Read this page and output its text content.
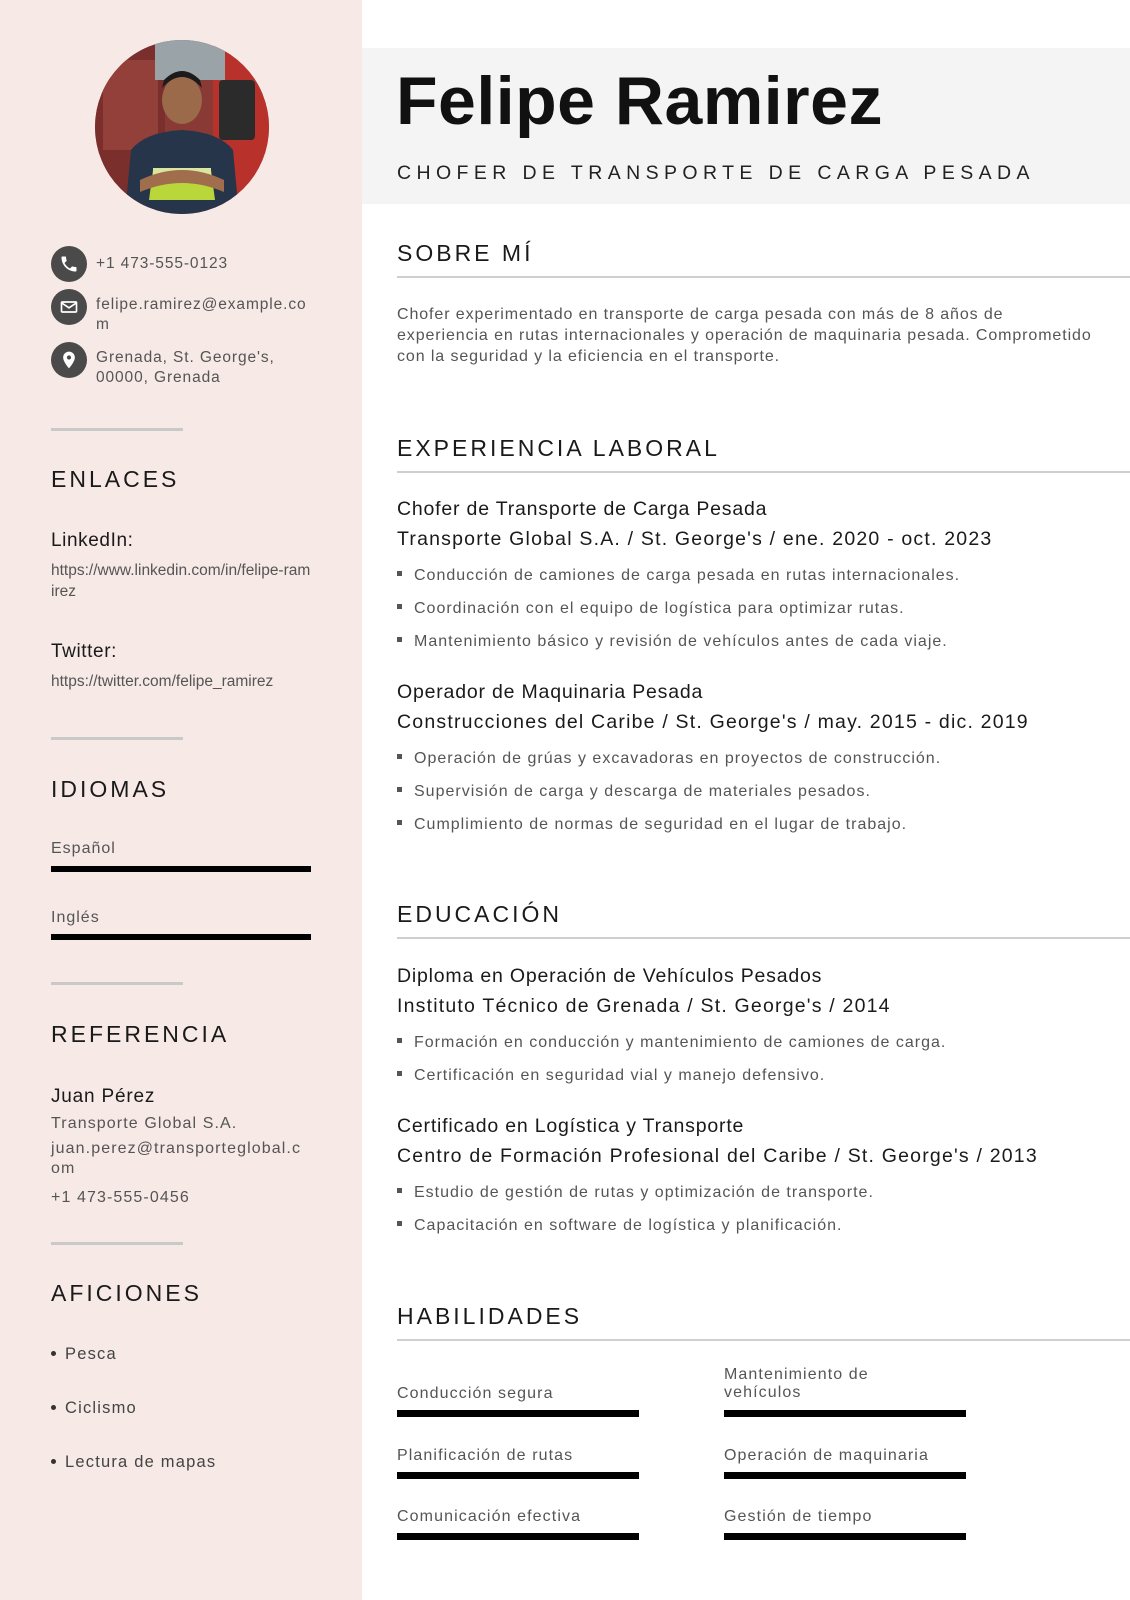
+1 473-555-0123
felipe.ramirez@example.com
Grenada, St. George's, 00000, Grenada
ENLACES
LinkedIn:
https://www.linkedin.com/in/felipe-ramirez
Twitter:
https://twitter.com/felipe_ramirez
IDIOMAS
Español
Inglés
REFERENCIA
Juan Pérez
Transporte Global S.A.
juan.perez@transporteglobal.com
+1 473-555-0456
AFICIONES
Pesca
Ciclismo
Lectura de mapas
Felipe Ramirez
CHOFER DE TRANSPORTE DE CARGA PESADA
SOBRE MÍ
Chofer experimentado en transporte de carga pesada con más de 8 años de experiencia en rutas internacionales y operación de maquinaria pesada. Comprometido con la seguridad y la eficiencia en el transporte.
EXPERIENCIA LABORAL
Chofer de Transporte de Carga Pesada
Transporte Global S.A. / St. George's / ene. 2020 - oct. 2023
Conducción de camiones de carga pesada en rutas internacionales.
Coordinación con el equipo de logística para optimizar rutas.
Mantenimiento básico y revisión de vehículos antes de cada viaje.
Operador de Maquinaria Pesada
Construcciones del Caribe / St. George's / may. 2015 - dic. 2019
Operación de grúas y excavadoras en proyectos de construcción.
Supervisión de carga y descarga de materiales pesados.
Cumplimiento de normas de seguridad en el lugar de trabajo.
EDUCACIÓN
Diploma en Operación de Vehículos Pesados
Instituto Técnico de Grenada / St. George's / 2014
Formación en conducción y mantenimiento de camiones de carga.
Certificación en seguridad vial y manejo defensivo.
Certificado en Logística y Transporte
Centro de Formación Profesional del Caribe / St. George's / 2013
Estudio de gestión de rutas y optimización de transporte.
Capacitación en software de logística y planificación.
HABILIDADES
Conducción segura
Mantenimiento de vehículos
Planificación de rutas	Operación de maquinaria
Comunicación efectiva	Gestión de tiempo
